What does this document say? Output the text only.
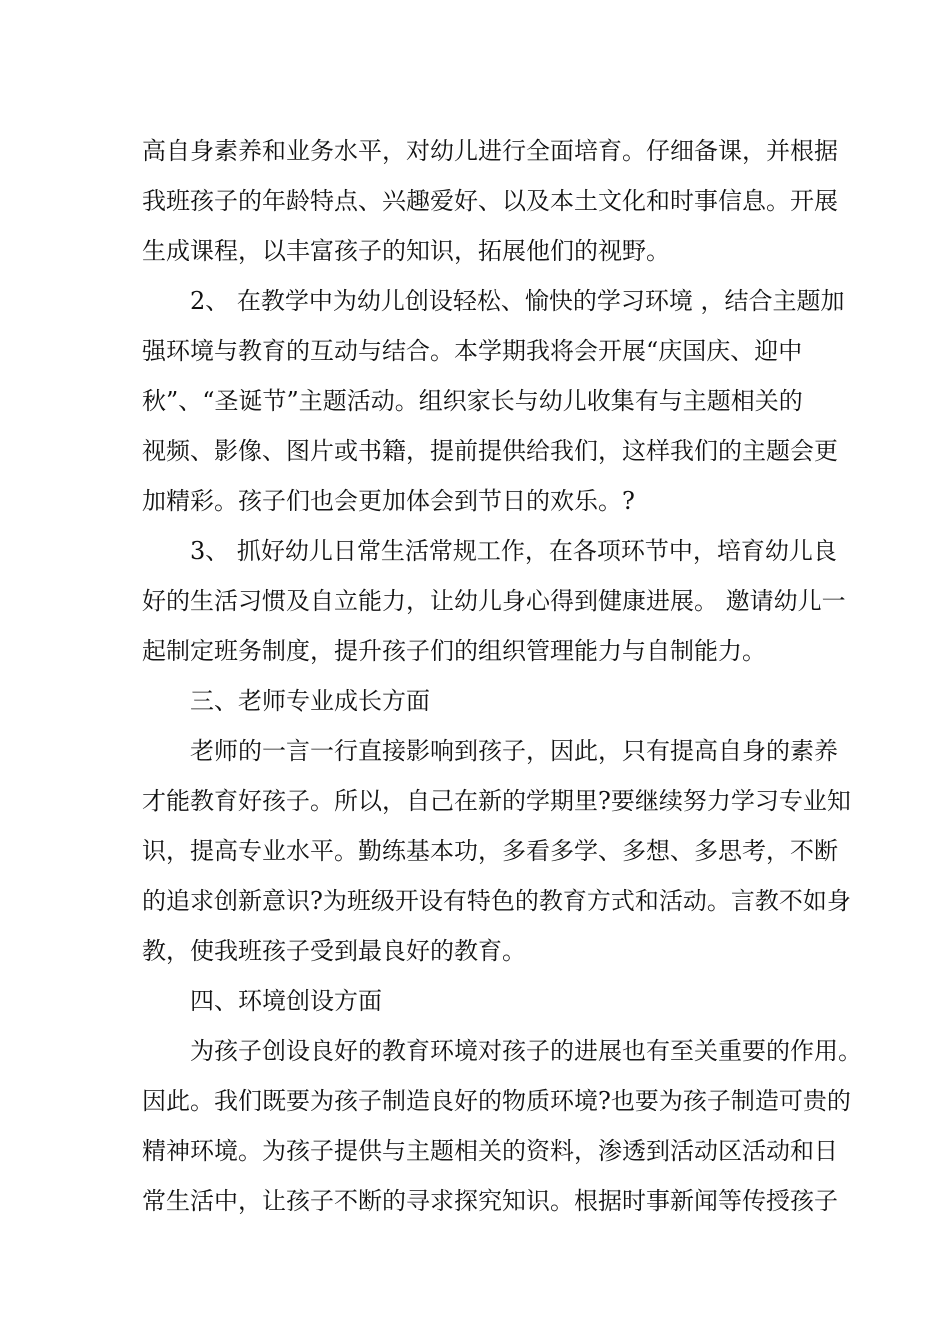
高自身素养和业务水平，对幼儿进行全面培育。仔细备课，并根据
我班孩子的年龄特点、兴趣爱好、以及本土文化和时事信息。开展
生成课程，以丰富孩子的知识，拓展他们的视野。
2、 在教学中为幼儿创设轻松、愉快的学习环境 ，结合主题加
强环境与教育的互动与结合。本学期我将会开展“庆国庆、迎中
秋”、“圣诞节”主题活动。组织家长与幼儿收集有与主题相关的
视频、影像、图片或书籍，提前提供给我们，这样我们的主题会更
加精彩。孩子们也会更加体会到节日的欢乐。?
3、 抓好幼儿日常生活常规工作，在各项环节中，培育幼儿良
好的生活习惯及自立能力，让幼儿身心得到健康进展。 邀请幼儿一
起制定班务制度，提升孩子们的组织管理能力与自制能力。
三、老师专业成长方面
老师的一言一行直接影响到孩子，因此，只有提高自身的素养
才能教育好孩子。所以，自己在新的学期里?要继续努力学习专业知
识，提高专业水平。勤练基本功，多看多学、多想、多思考，不断
的追求创新意识?为班级开设有特色的教育方式和活动。言教不如身
教，使我班孩子受到最良好的教育。
四、环境创设方面
为孩子创设良好的教育环境对孩子的进展也有至关重要的作用。
因此。我们既要为孩子制造良好的物质环境?也要为孩子制造可贵的
精神环境。为孩子提供与主题相关的资料，渗透到活动区活动和日
常生活中，让孩子不断的寻求探究知识。根据时事新闻等传授孩子
